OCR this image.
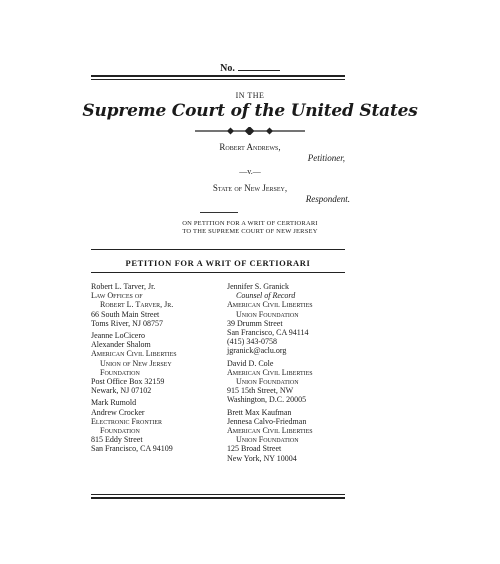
No.
IN THE
Supreme Court of the United States
Robert Andrews,
Petitioner,
—v.—
State of New Jersey,
Respondent.
ON PETITION FOR A WRIT OF CERTIORARI
TO THE SUPREME COURT OF NEW JERSEY
PETITION FOR A WRIT OF CERTIORARI
Robert L. Tarver, Jr.
Law Offices of
Robert L. Tarver, Jr.
66 South Main Street
Toms River, NJ 08757
Jeanne LoCicero
Alexander Shalom
American Civil Liberties
Union of New Jersey
Foundation
Post Office Box 32159
Newark, NJ 07102
Mark Rumold
Andrew Crocker
Electronic Frontier
Foundation
815 Eddy Street
San Francisco, CA 94109
Jennifer S. Granick
Counsel of Record
American Civil Liberties
Union Foundation
39 Drumm Street
San Francisco, CA 94114
(415) 343-0758
jgranick@aclu.org
David D. Cole
American Civil Liberties
Union Foundation
915 15th Street, NW
Washington, D.C. 20005
Brett Max Kaufman
Jennesa Calvo-Friedman
American Civil Liberties
Union Foundation
125 Broad Street
New York, NY 10004
